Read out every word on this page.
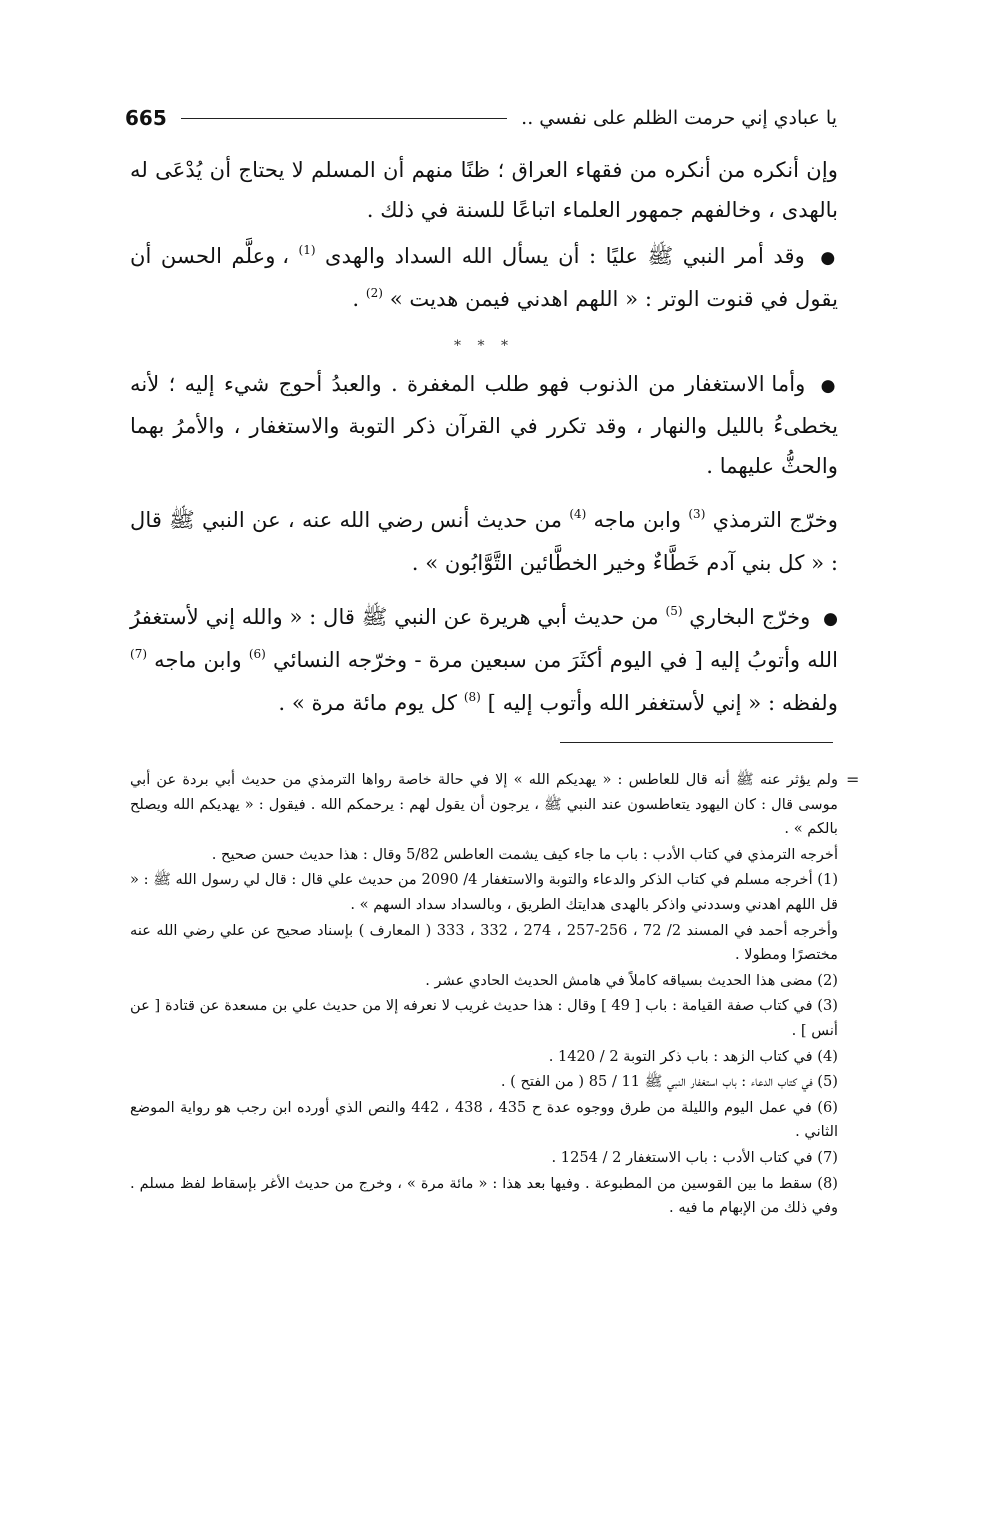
يا عبادي إني حرمت الظلم على نفسي ..
665

وإن أنكره من أنكره من فقهاء العراق ؛ ظنًا منهم أن المسلم لا يحتاج أن يُدْعَى له بالهدى ، وخالفهم جمهور العلماء اتباعًا للسنة في ذلك .

● وقد أمر النبي ﷺ عليًا : أن يسأل الله السداد والهدى $^{(1)}$ ، وعلَّم الحسن أن يقول في قنوت الوتر : « اللهم اهدني فيمن هديت » $^{(2)}$ .

* * *

● وأما الاستغفار من الذنوب فهو طلب المغفرة . والعبدُ أحوج شيء إليه ؛ لأنه يخطىءُ بالليل والنهار ، وقد تكرر في القرآن ذكر التوبة والاستغفار ، والأمرُ بهما والحثُّ عليهما .

وخرّج الترمذي $^{(3)}$ وابن ماجه $^{(4)}$ من حديث أنس رضي الله عنه ، عن النبي ﷺ قال : « كل بني آدم خَطَّاءٌ وخير الخطَّائين التَّوَّابُون » .

● وخرّج البخاري $^{(5)}$ من حديث أبي هريرة عن النبي ﷺ قال : « والله إني لأستغفرُ الله وأتوبُ إليه [ في اليوم أكثَرَ من سبعين مرة - وخرّجه النسائي $^{(6)}$ وابن ماجه $^{(7)}$ ولفظه : « إني لأستغفر الله وأتوب إليه ] $^{(8)}$ كل يوم مائة مرة » .

=

ولم يؤثر عنه ﷺ أنه قال للعاطس : « يهديكم الله » إلا في حالة خاصة رواها الترمذي من حديث أبي بردة عن أبي موسى قال : كان اليهود يتعاطسون عند النبي ﷺ ، يرجون أن يقول لهم : يرحمكم الله . فيقول : « يهديكم الله ويصلح بالكم » .

أخرجه الترمذي في كتاب الأدب : باب ما جاء كيف يشمت العاطس 5/82 وقال : هذا حديث حسن صحيح .

(1) أخرجه مسلم في كتاب الذكر والدعاء والتوبة والاستغفار 4/ 2090 من حديث علي قال : قال لي رسول الله ﷺ : « قل اللهم اهدني وسددني واذكر بالهدى هدايتك الطريق ، وبالسداد سداد السهم » .

وأخرجه أحمد في المسند 2/ 72 ، 256-257 ، 274 ، 332 ، 333 ( المعارف ) بإسناد صحيح عن علي رضي الله عنه مختصرًا ومطولا .

(2) مضى هذا الحديث بسياقه كاملاً في هامش الحديث الحادي عشر .

(3) في كتاب صفة القيامة : باب [ 49 ] وقال : هذا حديث غريب لا نعرفه إلا من حديث علي بن مسعدة عن قتادة [ عن أنس ] .

(4) في كتاب الزهد : باب ذكر التوبة 2 / 1420 .

(5) في كتاب الدعاء : باب استغفار النبي ﷺ 11 / 85 ( من الفتح ) .

(6) في عمل اليوم والليلة من طرق ووجوه عدة ح 435 ، 438 ، 442 والنص الذي أورده ابن رجب هو رواية الموضع الثاني .

(7) في كتاب الأدب : باب الاستغفار 2 / 1254 .

(8) سقط ما بين القوسين من المطبوعة . وفيها بعد هذا : « مائة مرة » ، وخرج من حديث الأغر بإسقاط لفظ مسلم . وفي ذلك من الإبهام ما فيه .
